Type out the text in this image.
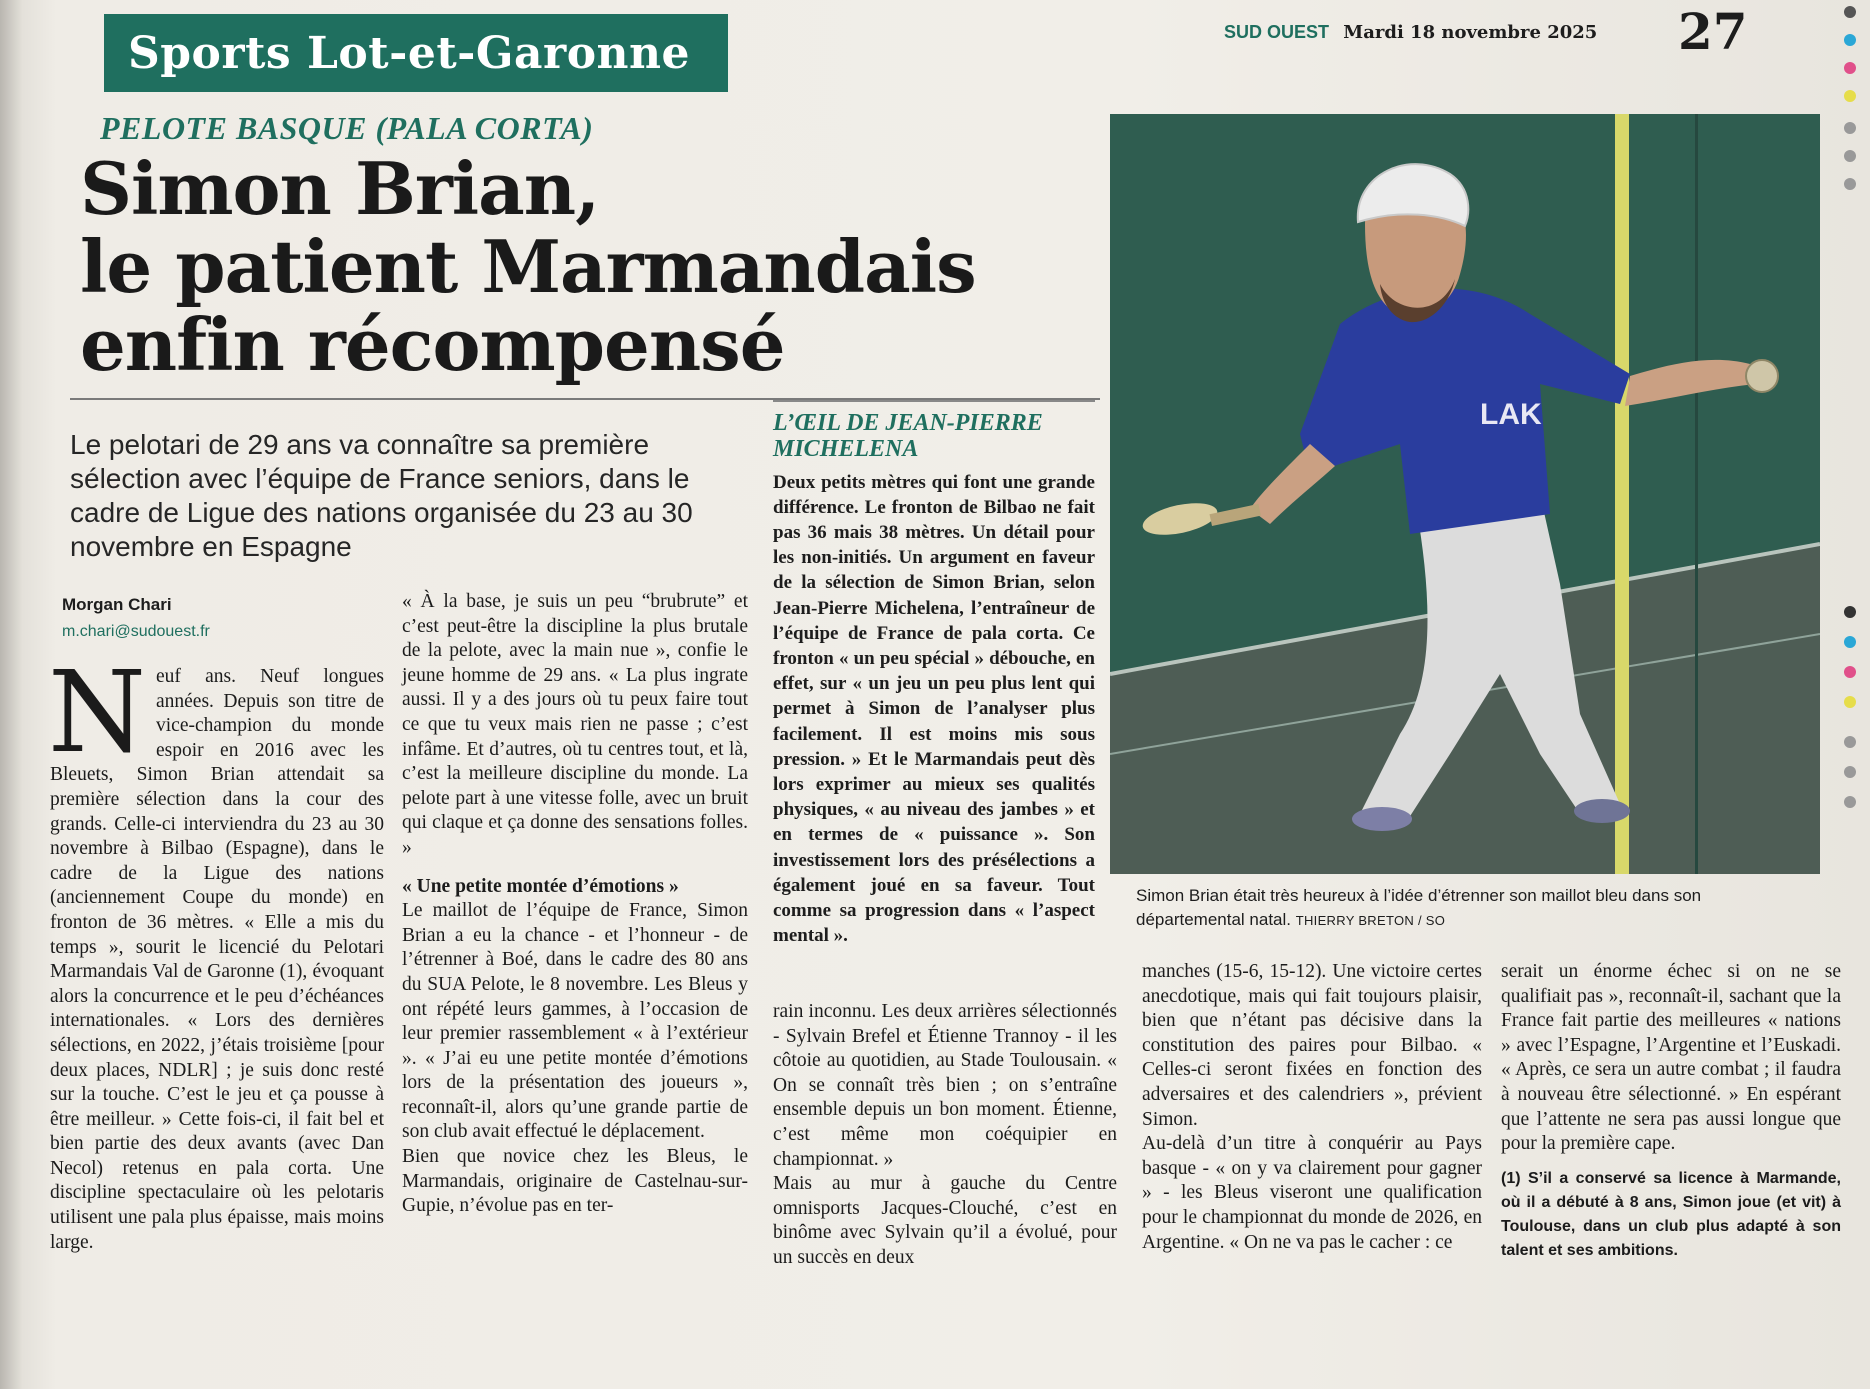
Sports Lot-et-Garonne	SUD OUEST Mardi 18 novembre 2025 27
PELOTE BASQUE (PALA CORTA)
Simon Brian,
le patient Marmandais
enfin récompensé
Le pelotari de 29 ans va connaître sa première sélection avec l’équipe de France seniors, dans le cadre de Ligue des nations organisée du 23 au 30 novembre en Espagne
Morgan Chari
m.chari@sudouest.fr

Neuf ans. Neuf longues années. Depuis son titre de vice-champion du monde espoir en 2016 avec les Bleuets, Simon Brian attendait sa première sélection dans la cour des grands. Celle-ci interviendra du 23 au 30 novembre à Bilbao (Espagne), dans le cadre de la Ligue des nations (anciennement Coupe du monde) en fronton de 36 mètres. « Elle a mis du temps », sourit le licencié du Pelotari Marmandais Val de Garonne (1), évoquant alors la concurrence et le peu d’échéances internationales. « Lors des dernières sélections, en 2022, j’étais troisième [pour deux places, NDLR] ; je suis donc resté sur la touche. C’est le jeu et ça pousse à être meilleur. » Cette fois-ci, il fait bel et bien partie des deux avants (avec Dan Necol) retenus en pala corta. Une discipline spectaculaire où les pelotaris utilisent une pala plus épaisse, mais moins large.

« À la base, je suis un peu “brubrute” et c’est peut-être la discipline la plus brutale de la pelote, avec la main nue », confie le jeune homme de 29 ans. « La plus ingrate aussi. Il y a des jours où tu peux faire tout ce que tu veux mais rien ne passe ; c’est infâme. Et d’autres, où tu centres tout, et là, c’est la meilleure discipline du monde. La pelote part à une vitesse folle, avec un bruit qui claque et ça donne des sensations folles. »

« Une petite montée d’émotions »

Le maillot de l’équipe de France, Simon Brian a eu la chance - et l’honneur - de l’étrenner à Boé, dans le cadre des 80 ans du SUA Pelote, le 8 novembre. Les Bleus y ont répété leurs gammes, à l’occasion de leur premier rassemblement « à l’extérieur ». « J’ai eu une petite montée d’émotions lors de la présentation des joueurs », reconnaît-il, alors qu’une grande partie de son club avait effectué le déplacement.

Bien que novice chez les Bleus, le Marmandais, originaire de Castelnau-sur-Gupie, n’évolue pas en ter-

L’ŒIL DE JEAN-PIERRE MICHELENA
Deux petits mètres qui font une grande différence. Le fronton de Bilbao ne fait pas 36 mais 38 mètres. Un détail pour les non-initiés. Un argument en faveur de la sélection de Simon Brian, selon Jean-Pierre Michelena, l’entraîneur de l’équipe de France de pala corta. Ce fronton « un peu spécial » débouche, en effet, sur « un jeu un peu plus lent qui permet à Simon de l’analyser plus facilement. Il est moins mis sous pression. » Et le Marmandais peut dès lors exprimer au mieux ses qualités physiques, « au niveau des jambes » et en termes de « puissance ». Son investissement lors des présélections a également joué en sa faveur. Tout comme sa progression dans « l’aspect mental ».

rain inconnu. Les deux arrières sélectionnés - Sylvain Brefel et Étienne Trannoy - il les côtoie au quotidien, au Stade Toulousain. « On se connaît très bien ; on s’entraîne ensemble depuis un bon moment. Étienne, c’est même mon coéquipier en championnat. »

Mais au mur à gauche du Centre omnisports Jacques-Clouché, c’est en binôme avec Sylvain qu’il a évolué, pour un succès en deux

manches (15-6, 15-12). Une victoire certes anecdotique, mais qui fait toujours plaisir, bien que n’étant pas décisive dans la constitution des paires pour Bilbao. « Celles-ci seront fixées en fonction des adversaires et des calendriers », prévient Simon.

Au-delà d’un titre à conquérir au Pays basque - « on y va clairement pour gagner » - les Bleus viseront une qualification pour le championnat du monde de 2026, en Argentine. « On ne va pas le cacher : ce

serait un énorme échec si on ne se qualifiait pas », reconnaît-il, sachant que la France fait partie des meilleures « nations » avec l’Espagne, l’Argentine et l’Euskadi. « Après, ce sera un autre combat ; il faudra à nouveau être sélectionné. » En espérant que l’attente ne sera pas aussi longue que pour la première cape.

(1) S’il a conservé sa licence à Marmande, où il a débuté à 8 ans, Simon joue (et vit) à Toulouse, dans un club plus adapté à son talent et ses ambitions.

LAK
Simon Brian était très heureux à l’idée d’étrenner son maillot bleu dans son départemental natal. THIERRY BRETON / SO
